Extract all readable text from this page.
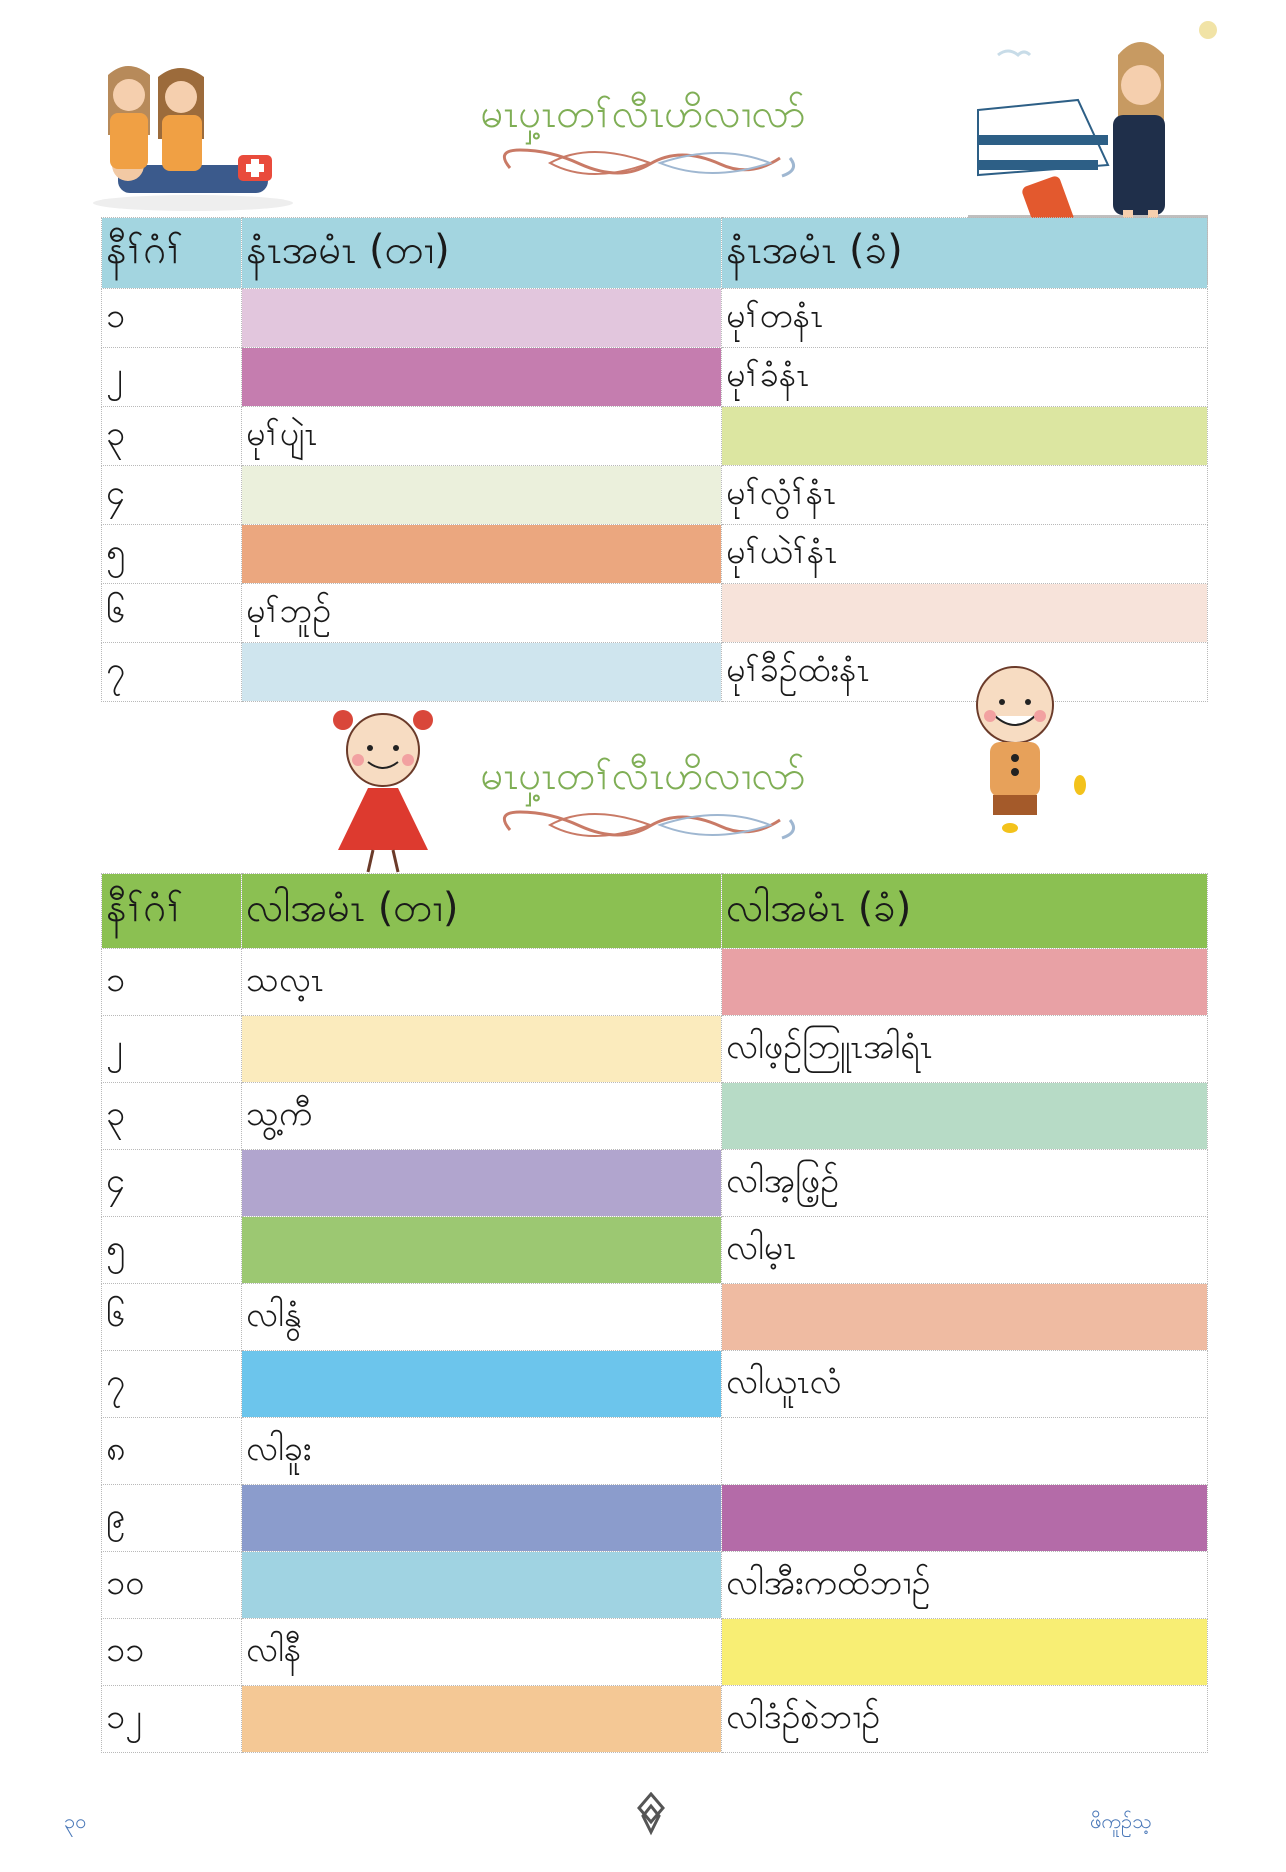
မၤပှ့ၤတၢ်လီၤဟိလၢလာ်
နီၢ်ဂံၢ်	နံၤအမံၤ (တၢ)	နံၤအမံၤ (ခံ)
၁		မုၢ်တနံၤ
၂		မုၢ်ခံနံၤ
၃	မုၢ်ပျဲၤ	
၄		မုၢ်လွံၢ်နံၤ
၅		မုၢ်ယဲၢ်နံၤ
၆	မုၢ်ဘူဉ်	
၇		မုၢ်ခီဉ်ထံးနံၤ
မၤပှ့ၤတၢ်လီၤဟိလၢလာ်
နီၢ်ဂံၢ်	လါအမံၤ (တၢ)	လါအမံၤ (ခံ)
၁	သလ့ၤ	
၂		လါဖ့ဉ်ဘြူၤအါရံၤ
၃	သွ့ကီ	
၄		လါအ့ဖြ့ဉ်
၅		လါမ့ၤ
၆	လါနွံ	
၇		လါယူၤလံ
၈	လါခူး	
၉		
၁၀		လါအီးကထိဘၢဉ်
၁၁	လါနီ	
၁၂		လါဒံဉ်စဲဘၢဉ်
၃၀	ဖိကူဉ်သ့
